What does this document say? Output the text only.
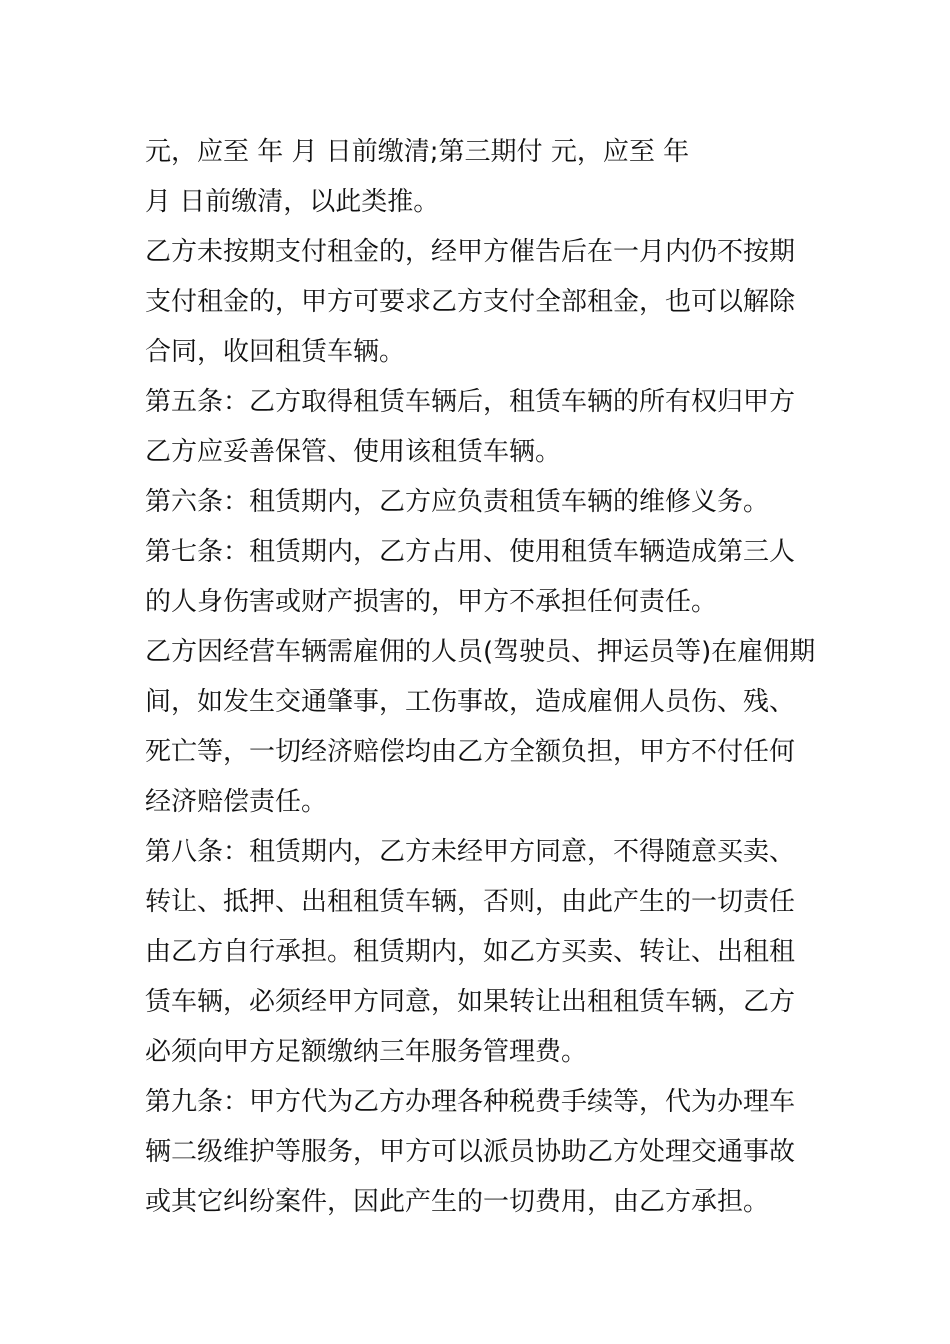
元，应至 年 月 日前缴清;第三期付 元，应至 年
月 日前缴清，以此类推。
乙方未按期支付租金的，经甲方催告后在一月内仍不按期
支付租金的，甲方可要求乙方支付全部租金，也可以解除
合同，收回租赁车辆。
第五条：乙方取得租赁车辆后，租赁车辆的所有权归甲方
乙方应妥善保管、使用该租赁车辆。
第六条：租赁期内，乙方应负责租赁车辆的维修义务。
第七条：租赁期内，乙方占用、使用租赁车辆造成第三人
的人身伤害或财产损害的，甲方不承担任何责任。
乙方因经营车辆需雇佣的人员(驾驶员、押运员等)在雇佣期
间，如发生交通肇事，工伤事故，造成雇佣人员伤、残、
死亡等，一切经济赔偿均由乙方全额负担，甲方不付任何
经济赔偿责任。
第八条：租赁期内，乙方未经甲方同意，不得随意买卖、
转让、抵押、出租租赁车辆，否则，由此产生的一切责任
由乙方自行承担。租赁期内，如乙方买卖、转让、出租租
赁车辆，必须经甲方同意，如果转让出租租赁车辆，乙方
必须向甲方足额缴纳三年服务管理费。
第九条：甲方代为乙方办理各种税费手续等，代为办理车
辆二级维护等服务，甲方可以派员协助乙方处理交通事故
或其它纠纷案件，因此产生的一切费用，由乙方承担。
